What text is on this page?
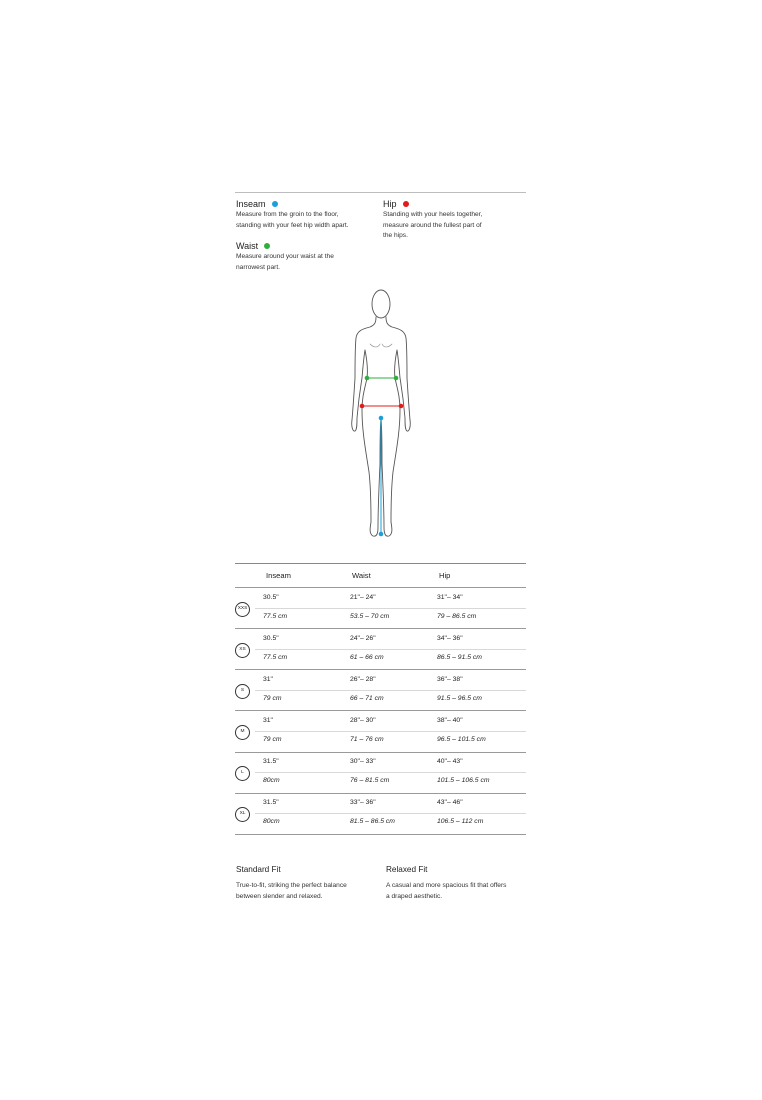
Inseam
Measure from the groin to the floor,
standing with your feet hip width apart.
Hip
Standing with your heels together,
measure around the fullest part of
the hips.
Waist
Measure around your waist at the
narrowest part.
Inseam	Waist	Hip
XXS
30.5"	21"– 24"	31"– 34"
77.5 cm	53.5 – 70 cm	79 – 86.5 cm
XS
30.5"	24"– 26"	34"– 36"
77.5 cm	61 – 66 cm	86.5 – 91.5 cm
S
31"	26"– 28"	36"– 38"
79 cm	66 – 71 cm	91.5 – 96.5 cm
M
31"	28"– 30"	38"– 40"
79 cm	71 – 76 cm	96.5 – 101.5 cm
L
31.5"	30"– 33"	40"– 43"
80cm	76 – 81.5 cm	101.5 – 106.5 cm
XL
31.5"	33"– 36"	43"– 46"
80cm	81.5 – 86.5 cm	106.5 – 112 cm
Standard Fit
True-to-fit, striking the perfect balance
between slender and relaxed.
Relaxed Fit
A casual and more spacious fit that offers
a draped aesthetic.
